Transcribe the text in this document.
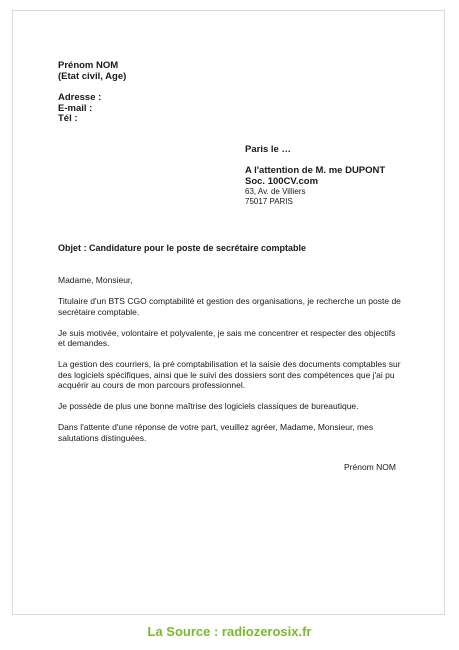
Prénom NOM
(Etat civil, Age)
Adresse :
E-mail :
Tél :
Paris le …
A l'attention de M. me DUPONT
Soc. 100CV.com
63, Av. de Villiers
75017 PARIS
Objet : Candidature pour le poste de secrétaire comptable

Madame, Monsieur,

Titulaire d'un BTS CGO comptabilité et gestion des organisations, je recherche un poste de secrétaire comptable.

Je suis motivée, volontaire et polyvalente, je sais me concentrer et respecter des objectifs et demandes.

La gestion des courriers, la pré comptabilisation et la saisie des documents comptables sur des logiciels spécifiques, ainsi que le suivi des dossiers sont des compétences que j'ai pu acquérir au cours de mon parcours professionnel.

Je possède de plus une bonne maîtrise des logiciels classiques de bureautique.

Dans l'attente d'une réponse de votre part, veuillez agréer, Madame, Monsieur, mes salutations distinguées.

Prénom NOM
La Source : radiozerosix.fr
